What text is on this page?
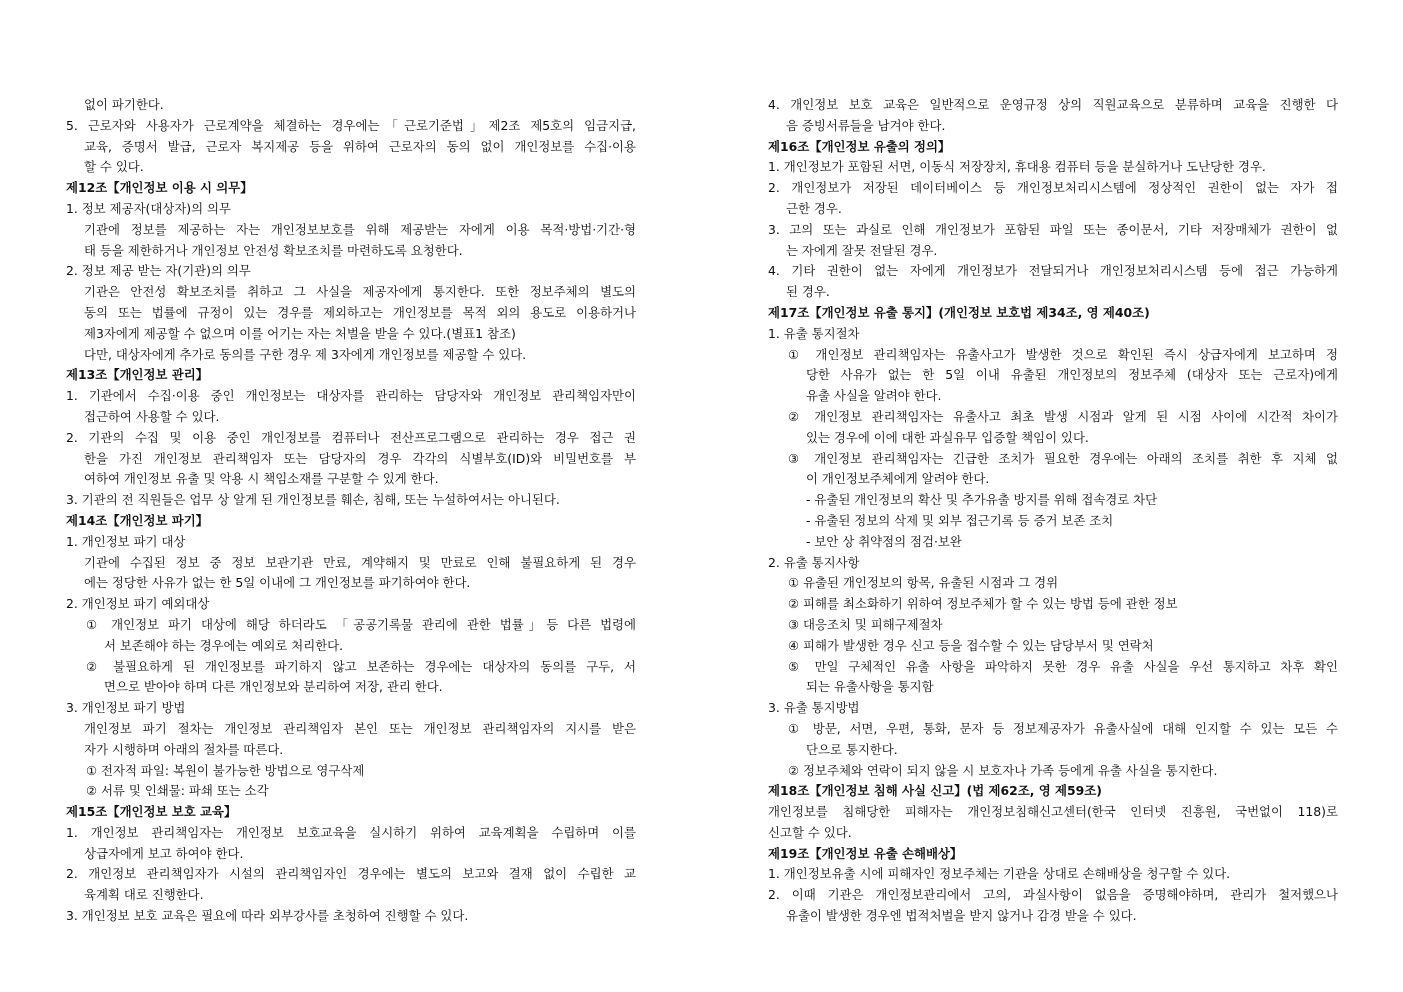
없이 파기한다.
5. 근로자와 사용자가 근로계약을 체결하는 경우에는「근로기준법」제2조 제5호의 임금지급,
교육, 증명서 발급, 근로자 복지제공 등을 위하여 근로자의 동의 없이 개인정보를 수집·이용
할 수 있다.
제12조【개인정보 이용 시 의무】
1. 정보 제공자(대상자)의 의무
기관에 정보를 제공하는 자는 개인정보보호를 위해 제공받는 자에게 이용 목적·방법·기간·형
태 등을 제한하거나 개인정보 안전성 확보조치를 마련하도록 요청한다.
2. 정보 제공 받는 자(기관)의 의무
기관은 안전성 확보조치를 취하고 그 사실을 제공자에게 통지한다. 또한 정보주체의 별도의
동의 또는 법률에 규정이 있는 경우를 제외하고는 개인정보를 목적 외의 용도로 이용하거나
제3자에게 제공할 수 없으며 이를 어기는 자는 처벌을 받을 수 있다.(별표1 참조)
다만, 대상자에게 추가로 동의를 구한 경우 제 3자에게 개인정보를 제공할 수 있다.
제13조【개인정보 관리】
1. 기관에서 수집·이용 중인 개인정보는 대상자를 관리하는 담당자와 개인정보 관리책임자만이
접근하여 사용할 수 있다.
2. 기관의 수집 및 이용 중인 개인정보를 컴퓨터나 전산프로그램으로 관리하는 경우 접근 권
한을 가진 개인정보 관리책임자 또는 담당자의 경우 각각의 식별부호(ID)와 비밀번호를 부
여하여 개인정보 유출 및 악용 시 책임소재를 구분할 수 있게 한다.
3. 기관의 전 직원들은 업무 상 알게 된 개인정보를 훼손, 침해, 또는 누설하여서는 아니된다.
제14조【개인정보 파기】
1. 개인정보 파기 대상
기관에 수집된 정보 중 정보 보관기관 만료, 계약해지 및 만료로 인해 불필요하게 된 경우
에는 정당한 사유가 없는 한 5일 이내에 그 개인정보를 파기하여야 한다.
2. 개인정보 파기 예외대상
① 개인정보 파기 대상에 해당 하더라도 「공공기록물 관리에 관한 법률」등 다른 법령에
서 보존해야 하는 경우에는 예외로 처리한다.
② 불필요하게 된 개인정보를 파기하지 않고 보존하는 경우에는 대상자의 동의를 구두, 서
면으로 받아야 하며 다른 개인정보와 분리하여 저장, 관리 한다.
3. 개인정보 파기 방법
개인정보 파기 절차는 개인정보 관리책임자 본인 또는 개인정보 관리책임자의 지시를 받은
자가 시행하며 아래의 절차를 따른다.
① 전자적 파일: 복원이 불가능한 방법으로 영구삭제
② 서류 및 인쇄물: 파쇄 또는 소각
제15조【개인정보 보호 교육】
1. 개인정보 관리책임자는 개인정보 보호교육을 실시하기 위하여 교육계획을 수립하며 이를
상급자에게 보고 하여야 한다.
2. 개인정보 관리책임자가 시설의 관리책임자인 경우에는 별도의 보고와 결재 없이 수립한 교
육계획 대로 진행한다.
3. 개인정보 보호 교육은 필요에 따라 외부강사를 초청하여 진행할 수 있다.
4. 개인정보 보호 교육은 일반적으로 운영규정 상의 직원교육으로 분류하며 교육을 진행한 다
음 증빙서류들을 남겨야 한다.
제16조【개인정보 유출의 정의】
1. 개인정보가 포함된 서면, 이동식 저장장치, 휴대용 컴퓨터 등을 분실하거나 도난당한 경우.
2. 개인정보가 저장된 데이터베이스 등 개인정보처리시스템에 정상적인 권한이 없는 자가 접
근한 경우.
3. 고의 또는 과실로 인해 개인정보가 포함된 파일 또는 종이문서, 기타 저장매체가 권한이 없
는 자에게 잘못 전달된 경우.
4. 기타 권한이 없는 자에게 개인정보가 전달되거나 개인정보처리시스템 등에 접근 가능하게
된 경우.
제17조【개인정보 유출 통지】(개인정보 보호법 제34조, 영 제40조)
1. 유출 통지절차
① 개인정보 관리책임자는 유출사고가 발생한 것으로 확인된 즉시 상급자에게 보고하며 정
당한 사유가 없는 한 5일 이내 유출된 개인정보의 정보주체 (대상자 또는 근로자)에게
유출 사실을 알려야 한다.
② 개인정보 관리책임자는 유출사고 최초 발생 시점과 알게 된 시점 사이에 시간적 차이가
있는 경우에 이에 대한 과실유무 입증할 책임이 있다.
③ 개인정보 관리책임자는 긴급한 조치가 필요한 경우에는 아래의 조치를 취한 후 지체 없
이 개인정보주체에게 알려야 한다.
- 유출된 개인정보의 확산 및 추가유출 방지를 위해 접속경로 차단
- 유출된 정보의 삭제 및 외부 접근기록 등 증거 보존 조치
- 보안 상 취약점의 점검·보완
2. 유출 통지사항
① 유출된 개인정보의 항목, 유출된 시점과 그 경위
② 피해를 최소화하기 위하여 정보주체가 할 수 있는 방법 등에 관한 정보
③ 대응조치 및 피해구제절차
④ 피해가 발생한 경우 신고 등을 접수할 수 있는 담당부서 및 연락처
⑤ 만일 구체적인 유출 사항을 파악하지 못한 경우 유출 사실을 우선 통지하고 차후 확인
되는 유출사항을 통지함
3. 유출 통지방법
① 방문, 서면, 우편, 통화, 문자 등 정보제공자가 유출사실에 대해 인지할 수 있는 모든 수
단으로 통지한다.
② 정보주체와 연락이 되지 않을 시 보호자나 가족 등에게 유출 사실을 통지한다.
제18조【개인정보 침해 사실 신고】(법 제62조, 영 제59조)
개인정보를 침해당한 피해자는 개인정보침해신고센터(한국 인터넷 진흥원, 국번없이 118)로
신고할 수 있다.
제19조【개인정보 유출 손해배상】
1. 개인정보유출 시에 피해자인 정보주체는 기관을 상대로 손해배상을 청구할 수 있다.
2. 이때 기관은 개인정보관리에서 고의, 과실사항이 없음을 증명해야하며, 관리가 철저했으나
유출이 발생한 경우엔 법적처벌을 받지 않거나 감경 받을 수 있다.
